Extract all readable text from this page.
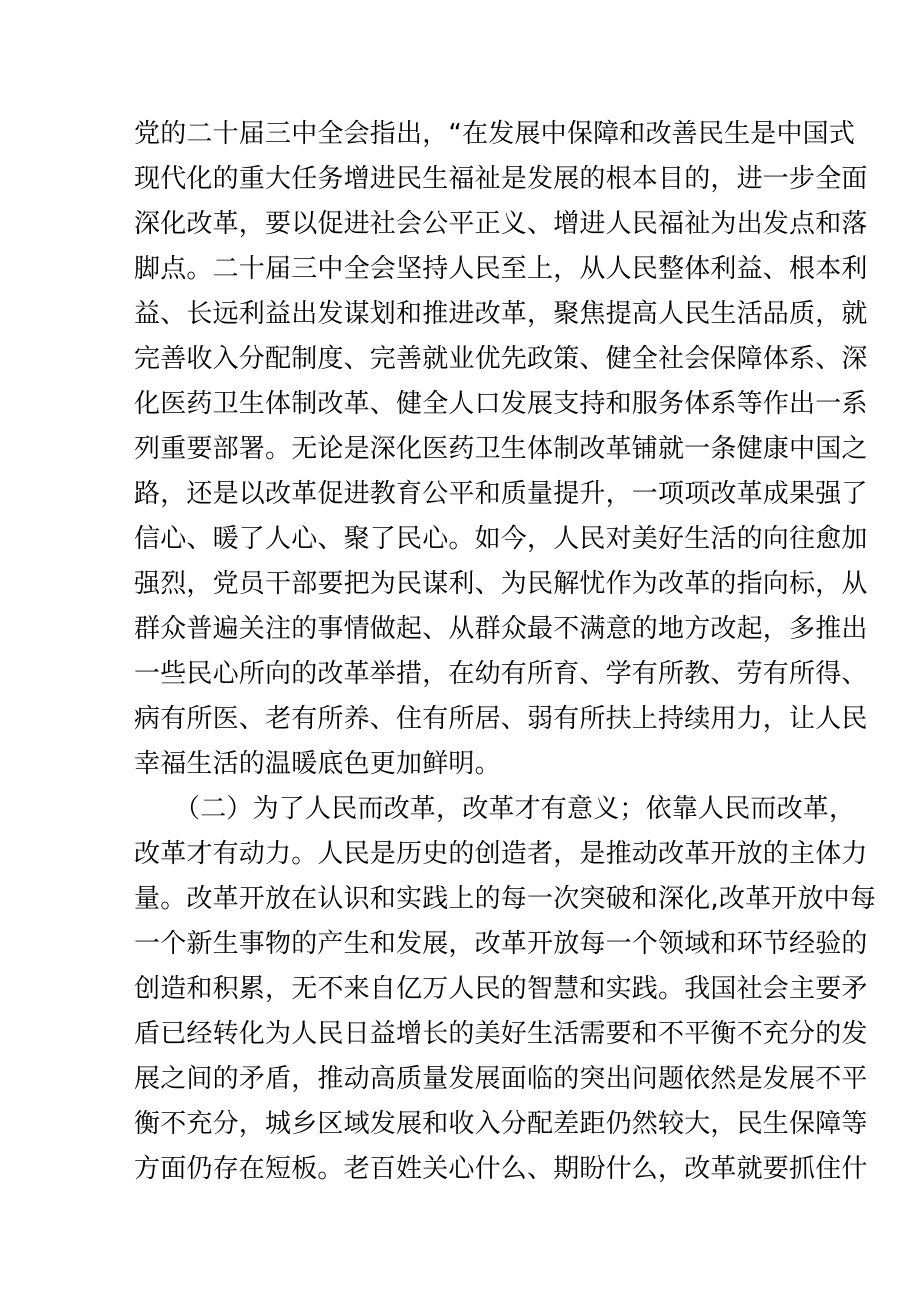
党的二十届三中全会指出，“在发展中保障和改善民生是中国式
现代化的重大任务增进民生福祉是发展的根本目的，进一步全面
深化改革，要以促进社会公平正义、增进人民福祉为出发点和落
脚点。二十届三中全会坚持人民至上，从人民整体利益、根本利
益、长远利益出发谋划和推进改革，聚焦提高人民生活品质，就
完善收入分配制度、完善就业优先政策、健全社会保障体系、深
化医药卫生体制改革、健全人口发展支持和服务体系等作出一系
列重要部署。无论是深化医药卫生体制改革铺就一条健康中国之
路，还是以改革促进教育公平和质量提升，一项项改革成果强了
信心、暖了人心、聚了民心。如今，人民对美好生活的向往愈加
强烈，党员干部要把为民谋利、为民解忧作为改革的指向标，从
群众普遍关注的事情做起、从群众最不满意的地方改起，多推出
一些民心所向的改革举措，在幼有所育、学有所教、劳有所得、
病有所医、老有所养、住有所居、弱有所扶上持续用力，让人民
幸福生活的温暖底色更加鲜明。
（二）为了人民而改革，改革才有意义；依靠人民而改革，
改革才有动力。人民是历史的创造者，是推动改革开放的主体力
量。改革开放在认识和实践上的每一次突破和深化,改革开放中每
一个新生事物的产生和发展，改革开放每一个领域和环节经验的
创造和积累，无不来自亿万人民的智慧和实践。我国社会主要矛
盾已经转化为人民日益增长的美好生活需要和不平衡不充分的发
展之间的矛盾，推动高质量发展面临的突出问题依然是发展不平
衡不充分，城乡区域发展和收入分配差距仍然较大，民生保障等
方面仍存在短板。老百姓关心什么、期盼什么，改革就要抓住什
